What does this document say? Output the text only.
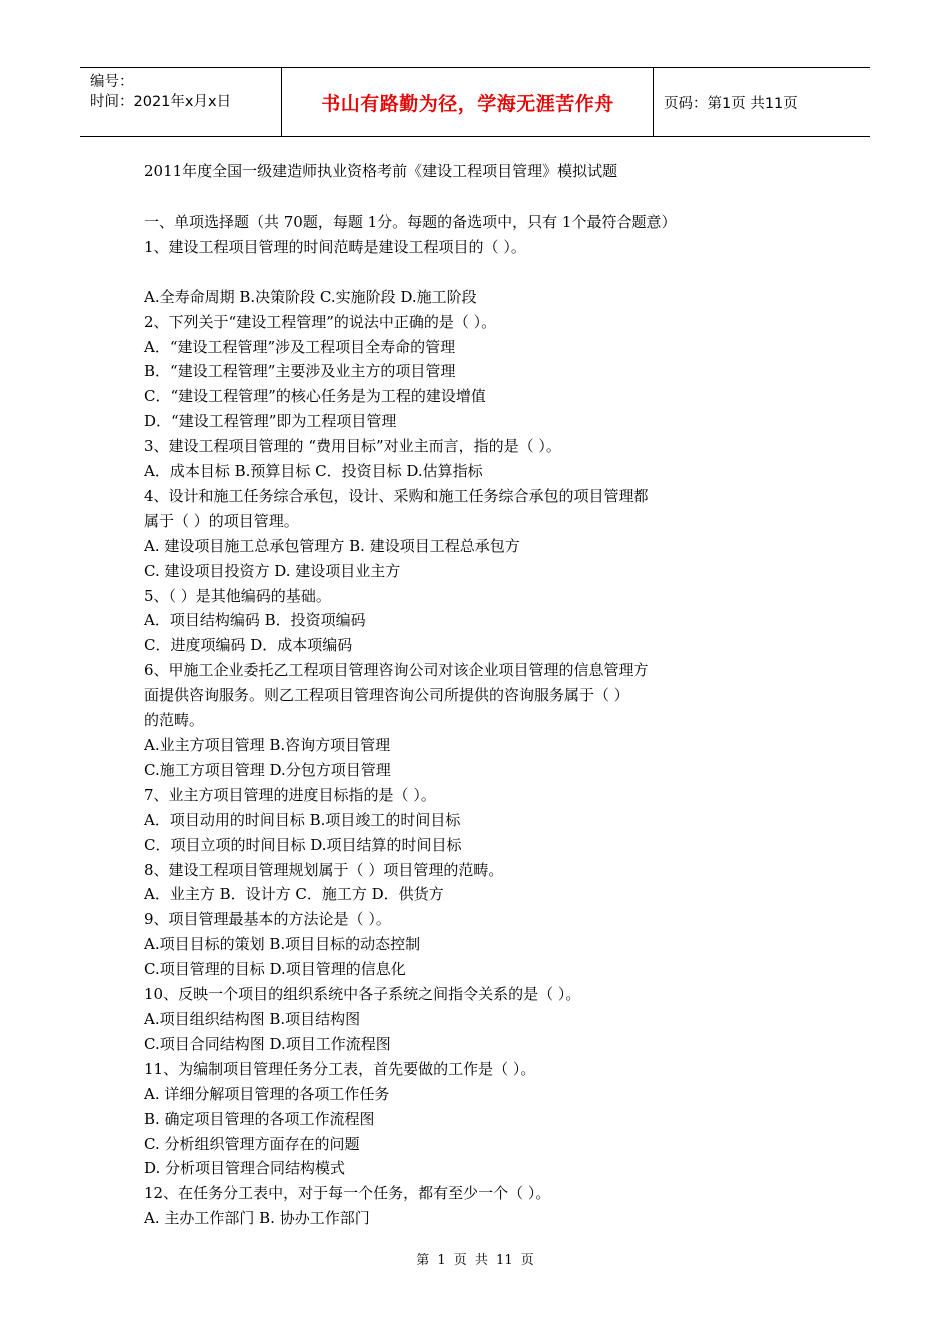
编号：
时间：2021年x月x日	书山有路勤为径，学海无涯苦作舟	页码：第1页 共11页
2011年度全国一级建造师执业资格考前《建设工程项目管理》模拟试题
一、单项选择题（共 70题，每题 1分。每题的备选项中，只有 1个最符合题意）
1、建设工程项目管理的时间范畴是建设工程项目的（ ）。
A.全寿命周期 B.决策阶段 C.实施阶段 D.施工阶段
2、下列关于“建设工程管理”的说法中正确的是（ ）。
A．“建设工程管理”涉及工程项目全寿命的管理
B．“建设工程管理”主要涉及业主方的项目管理
C．“建设工程管理”的核心任务是为工程的建设增值
D．“建设工程管理”即为工程项目管理
3、建设工程项目管理的 “费用目标”对业主而言，指的是（ ）。
A．成本目标 B.预算目标 C．投资目标 D.估算指标
4、设计和施工任务综合承包，设计、采购和施工任务综合承包的项目管理都
属于（ ）的项目管理。
A. 建设项目施工总承包管理方 B. 建设项目工程总承包方
C. 建设项目投资方 D. 建设项目业主方
5、（ ）是其他编码的基础。
A．项目结构编码 B．投资项编码
C．进度项编码 D．成本项编码
6、甲施工企业委托乙工程项目管理咨询公司对该企业项目管理的信息管理方
面提供咨询服务。则乙工程项目管理咨询公司所提供的咨询服务属于（ ）
的范畴。
A.业主方项目管理 B.咨询方项目管理
C.施工方项目管理 D.分包方项目管理
7、业主方项目管理的进度目标指的是（ ）。
A．项目动用的时间目标 B.项目竣工的时间目标
C．项目立项的时间目标 D.项目结算的时间目标
8、建设工程项目管理规划属于（ ）项目管理的范畴。
A．业主方 B．设计方 C．施工方 D．供货方
9、项目管理最基本的方法论是（ ）。
A.项目目标的策划 B.项目目标的动态控制
C.项目管理的目标 D.项目管理的信息化
10、反映一个项目的组织系统中各子系统之间指令关系的是（ ）。
A.项目组织结构图 B.项目结构图
C.项目合同结构图 D.项目工作流程图
11、为编制项目管理任务分工表，首先要做的工作是（ ）。
A. 详细分解项目管理的各项工作任务
B. 确定项目管理的各项工作流程图
C. 分析组织管理方面存在的问题
D. 分析项目管理合同结构模式
12、在任务分工表中，对于每一个任务，都有至少一个（ ）。
A. 主办工作部门 B. 协办工作部门
第 1 页 共 11 页
